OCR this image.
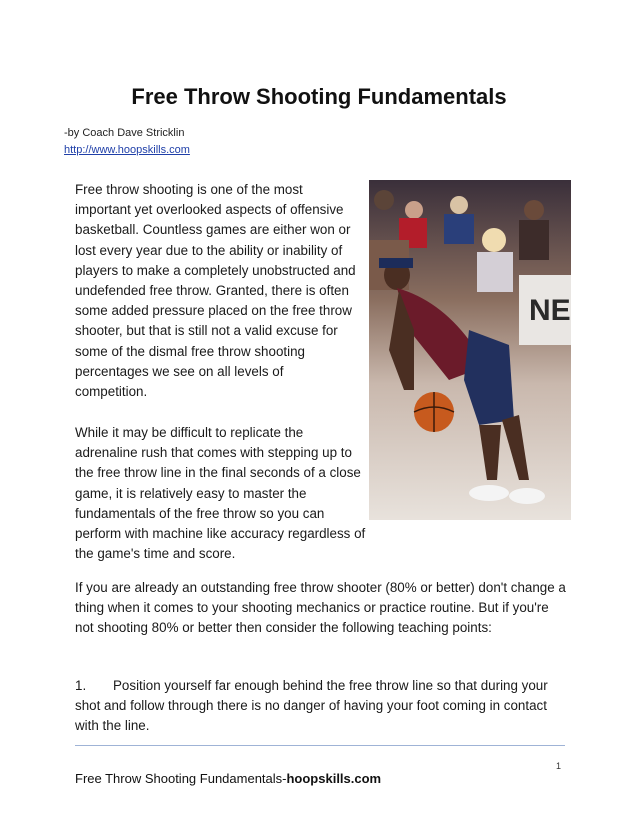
Free Throw Shooting Fundamentals
-by Coach Dave Stricklin
http://www.hoopskills.com

Free throw shooting is one of the most important yet overlooked aspects of offensive basketball. Countless games are either won or lost every year due to the ability or inability of players to make a completely unobstructed and undefended free throw. Granted, there is often some added pressure placed on the free throw shooter, but that is still not a valid excuse for some of the dismal free throw shooting percentages we see on all levels of competition.

NE

While it may be difficult to replicate the adrenaline rush that comes with stepping up to the free throw line in the final seconds of a close game, it is relatively easy to master the fundamentals of the free throw so you can perform with machine like accuracy regardless of the game's time and score.

If you are already an outstanding free throw shooter (80% or better) don't change a thing when it comes to your shooting mechanics or practice routine. But if you're not shooting 80% or better then consider the following teaching points:

1. Position yourself far enough behind the free throw line so that during your shot and follow through there is no danger of having your foot coming in contact with the line.

1
Free Throw Shooting Fundamentals-hoopskills.com
